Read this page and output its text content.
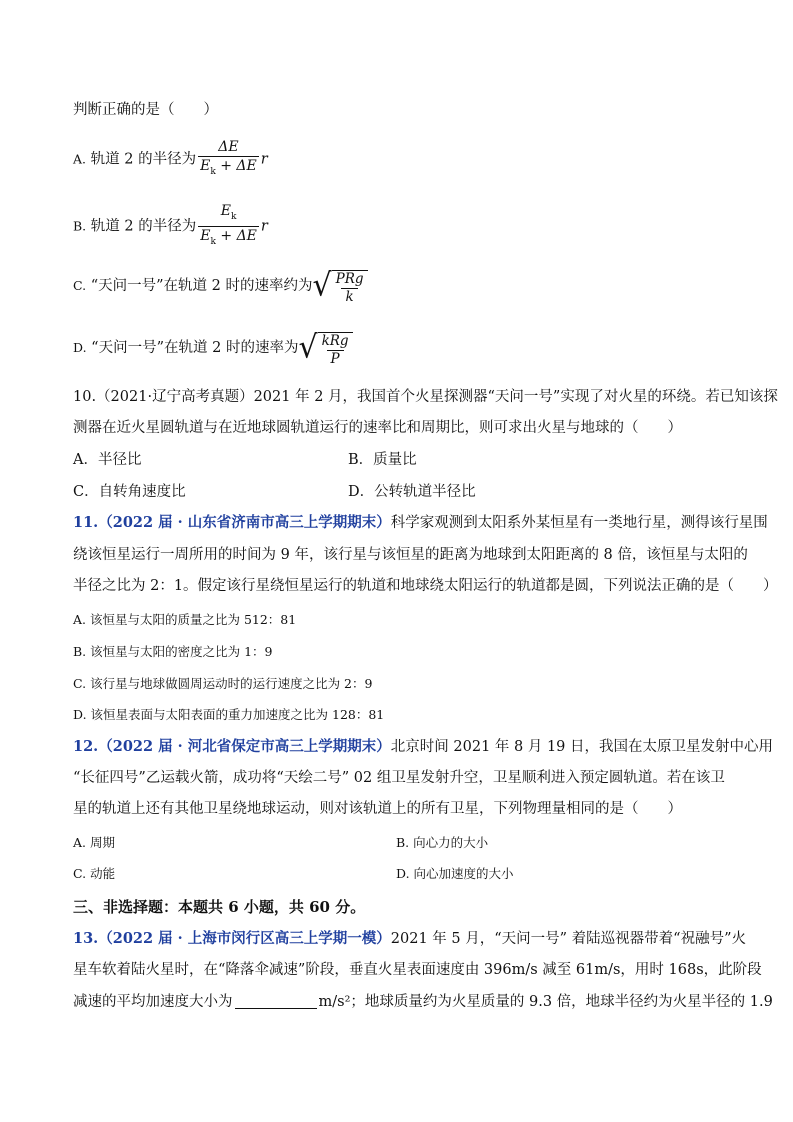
判断正确的是（　　）
A. 轨道 2 的半径为 $\frac{\Delta E}{E_k + \Delta E}$ r
B. 轨道 2 的半径为 $\frac{E_k}{E_k + \Delta E}$ r
C. “天问一号”在轨道 2 时的速率约为 √ $\frac{\text{PRg}}{k}$
D. “天问一号”在轨道 2 时的速率为 √ $\frac{\text{kRg}}{P}$
10.（2021·辽宁高考真题）2021 年 2 月，我国首个火星探测器“天问一号”实现了对火星的环绕。若已知该探
测器在近火星圆轨道与在近地球圆轨道运行的速率比和周期比，则可求出火星与地球的（　　）
A．半径比	B．质量比
C．自转角速度比	D．公转轨道半径比
11.（2022 届 · 山东省济南市高三上学期期末）科学家观测到太阳系外某恒星有一类地行星，测得该行星围
绕该恒星运行一周所用的时间为 9 年，该行星与该恒星的距离为地球到太阳距离的 8 倍，该恒星与太阳的
半径之比为 2：1。假定该行星绕恒星运行的轨道和地球绕太阳运行的轨道都是圆，下列说法正确的是（　　）
A. 该恒星与太阳的质量之比为 512：81
B. 该恒星与太阳的密度之比为 1：9
C. 该行星与地球做圆周运动时的运行速度之比为 2：9
D. 该恒星表面与太阳表面的重力加速度之比为 128：81
12.（2022 届 · 河北省保定市高三上学期期末）北京时间 2021 年 8 月 19 日，我国在太原卫星发射中心用
“长征四号”乙运载火箭，成功将“天绘二号” 02 组卫星发射升空，卫星顺利进入预定圆轨道。若在该卫
星的轨道上还有其他卫星绕地球运动，则对该轨道上的所有卫星，下列物理量相同的是（　　）
A. 周期	B. 向心力的大小
C. 动能	D. 向心加速度的大小
三、非选择题：本题共 6 小题，共 60 分。
13.（2022 届 · 上海市闵行区高三上学期一模）2021 年 5 月，“天问一号” 着陆巡视器带着“祝融号”火
星车软着陆火星时，在“降落伞减速”阶段，垂直火星表面速度由 396m/s 减至 61m/s，用时 168s，此阶段
减速的平均加速度大小为	m/s²；地球质量约为火星质量的 9.3 倍，地球半径约为火星半径的 1.9
